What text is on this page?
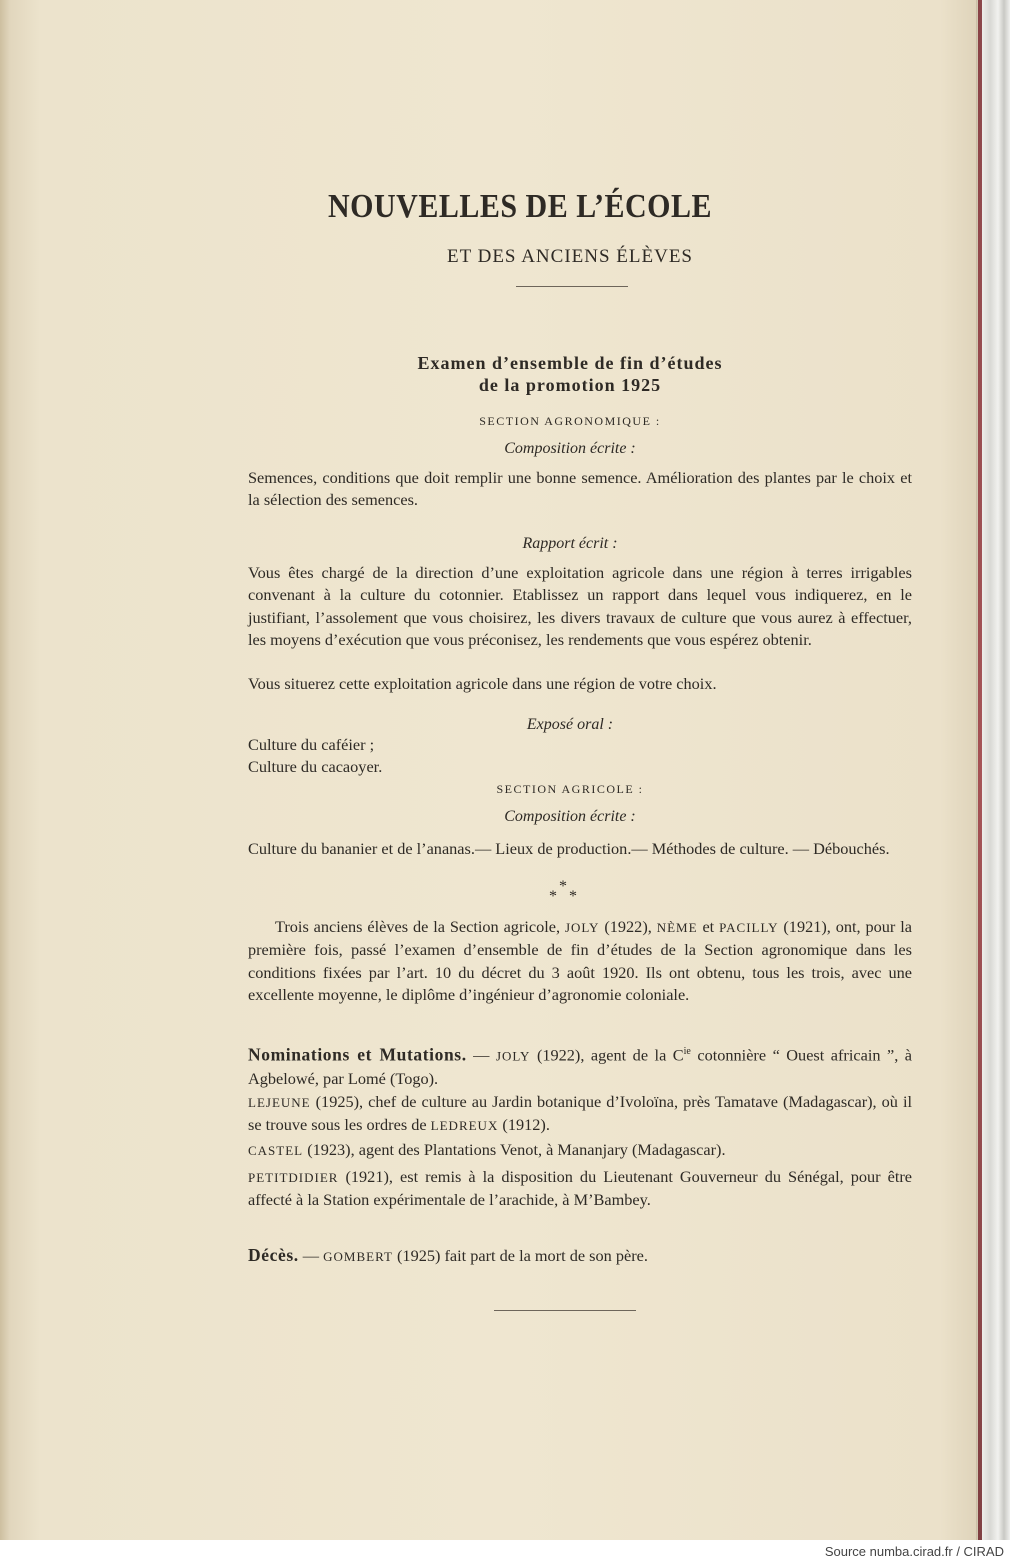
NOUVELLES DE L’ÉCOLE
ET DES ANCIENS ÉLÈVES
Examen d’ensemble de fin d’études
de la promotion 1925
SECTION AGRONOMIQUE :
Composition écrite :
Semences, conditions que doit remplir une bonne semence. Amélioration des plantes par le choix et la sélection des semences.
Rapport écrit :
Vous êtes chargé de la direction d’une exploitation agricole dans une région à terres irrigables convenant à la culture du cotonnier. Etablissez un rapport dans lequel vous indiquerez, en le justifiant, l’assolement que vous choisirez, les divers travaux de culture que vous aurez à effectuer, les moyens d’exécution que vous préconisez, les rendements que vous espérez obtenir.
Vous situerez cette exploitation agricole dans une région de votre choix.
Exposé oral :
Culture du caféier ;
Culture du cacaoyer.
SECTION AGRICOLE :
Composition écrite :
Culture du bananier et de l’ananas.— Lieux de production.— Méthodes de culture. — Débouchés.
*
* *
Trois anciens élèves de la Section agricole, JOLY (1922), NÈME et PACILLY (1921), ont, pour la première fois, passé l’examen d’ensemble de fin d’études de la Section agronomique dans les conditions fixées par l’art. 10 du décret du 3 août 1920. Ils ont obtenu, tous les trois, avec une excellente moyenne, le diplôme d’ingénieur d’agronomie coloniale.
Nominations et Mutations. — JOLY (1922), agent de la $C^{ie}$ cotonnière “ Ouest africain ”, à Agbelowé, par Lomé (Togo).
LEJEUNE (1925), chef de culture au Jardin botanique d’Ivoloïna, près Tamatave (Madagascar), où il se trouve sous les ordres de LEDREUX (1912).
CASTEL (1923), agent des Plantations Venot, à Mananjary (Madagascar).
PETITDIDIER (1921), est remis à la disposition du Lieutenant Gouverneur du Sénégal, pour être affecté à la Station expérimentale de l’arachide, à M’Bambey.
Décès. — GOMBERT (1925) fait part de la mort de son père.
Source numba.cirad.fr / CIRAD
